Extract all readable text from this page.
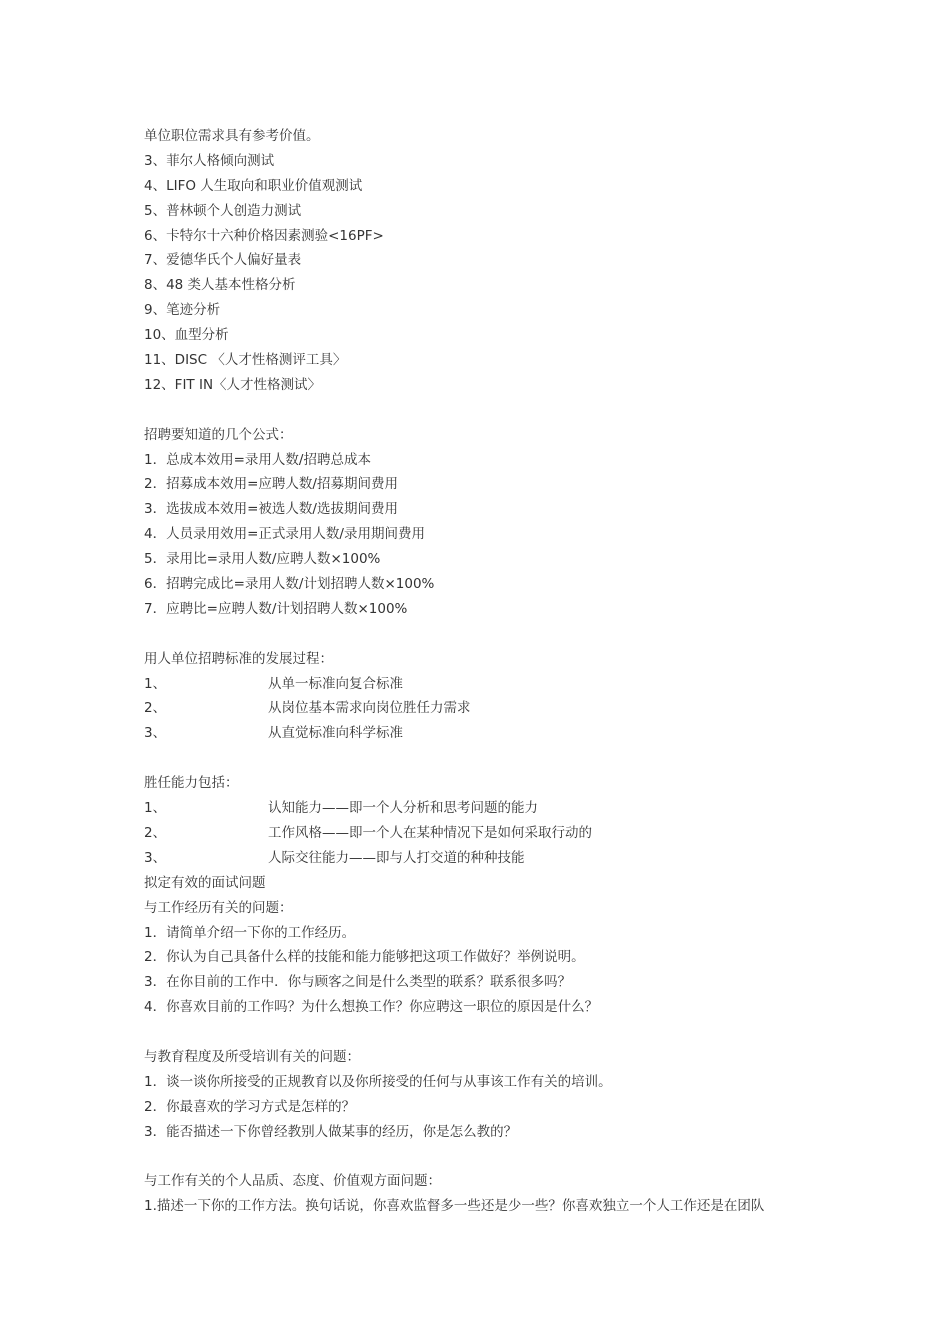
单位职位需求具有参考价值。
3、菲尔人格倾向测试
4、LIFO 人生取向和职业价值观测试
5、普林顿个人创造力测试
6、卡特尔十六种价格因素测验<16PF>
7、爱德华氏个人偏好量表
8、48 类人基本性格分析
9、笔迹分析
10、血型分析
11、DISC 〈人才性格测评工具〉
12、FIT IN〈人才性格测试〉
招聘要知道的几个公式：
1．总成本效用=录用人数/招聘总成本
2．招募成本效用=应聘人数/招募期间费用
3．选拔成本效用=被选人数/选拔期间费用
4．人员录用效用=正式录用人数/录用期间费用
5．录用比=录用人数/应聘人数×100%
6．招聘完成比=录用人数/计划招聘人数×100%
7．应聘比=应聘人数/计划招聘人数×100%
用人单位招聘标准的发展过程：
1、	从单一标准向复合标准
2、	从岗位基本需求向岗位胜任力需求
3、	从直觉标准向科学标准
胜任能力包括：
1、	认知能力——即一个人分析和思考问题的能力
2、	工作风格——即一个人在某种情况下是如何采取行动的
3、	人际交往能力——即与人打交道的种种技能
拟定有效的面试问题
与工作经历有关的问题：
1．请简单介绍一下你的工作经历。
2．你认为自己具备什么样的技能和能力能够把这项工作做好？举例说明。
3．在你目前的工作中．你与顾客之间是什么类型的联系？联系很多吗？
4．你喜欢目前的工作吗？为什么想换工作？你应聘这一职位的原因是什么？
与教育程度及所受培训有关的问题：
1．谈一谈你所接受的正规教育以及你所接受的任何与从事该工作有关的培训。
2．你最喜欢的学习方式是怎样的？
3．能否描述一下你曾经教别人做某事的经历，你是怎么教的？
与工作有关的个人品质、态度、价值观方面问题：
1.描述一下你的工作方法。换句话说，你喜欢监督多一些还是少一些？你喜欢独立一个人工作还是在团队
